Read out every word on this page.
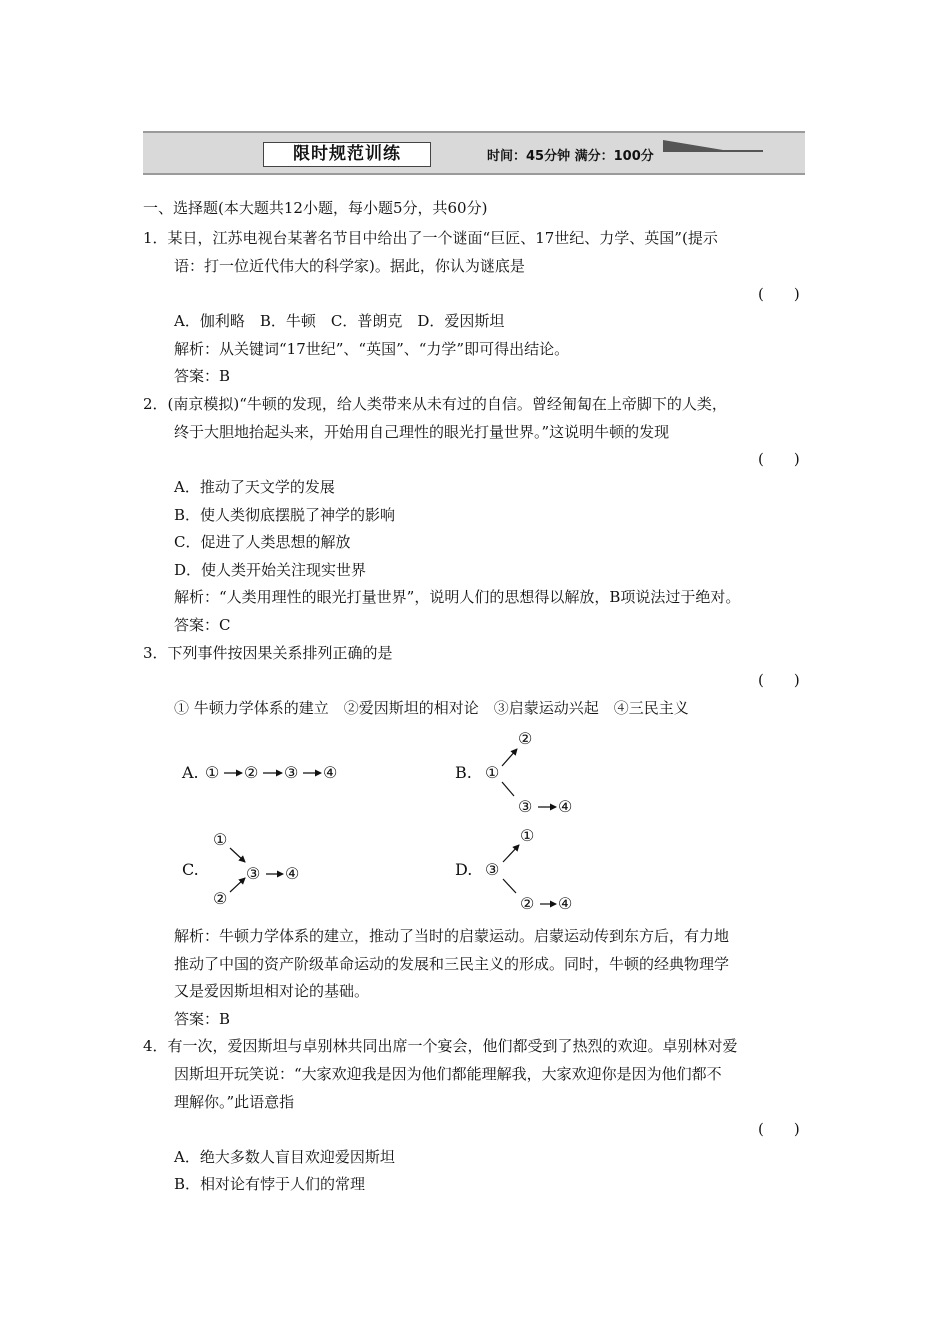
限时规范训练	时间：45分钟 满分：100分
一、选择题(本大题共12小题，每小题5分，共60分)
1．某日，江苏电视台某著名节目中给出了一个谜面“巨匠、17世纪、力学、英国”(提示
语：打一位近代伟大的科学家)。据此，你认为谜底是
(　　)
A．伽利略　B．牛顿　C．普朗克　D．爱因斯坦
解析：从关键词“17世纪”、“英国”、“力学”即可得出结论。
答案：B
2．(南京模拟)“牛顿的发现，给人类带来从未有过的自信。曾经匍匐在上帝脚下的人类，
终于大胆地抬起头来，开始用自己理性的眼光打量世界。”这说明牛顿的发现
(　　)
A．推动了天文学的发展
B．使人类彻底摆脱了神学的影响
C．促进了人类思想的解放
D．使人类开始关注现实世界
解析：“人类用理性的眼光打量世界”，说明人们的思想得以解放，B项说法过于绝对。
答案：C
3．下列事件按因果关系排列正确的是
(　　)
① 牛顿力学体系的建立　②爱因斯坦的相对论　③启蒙运动兴起　④三民主义
A. ① ② ③ ④	B. ①
②
③ ④
C.
①
②
③ ④	D. ③
①
② ④
解析：牛顿力学体系的建立，推动了当时的启蒙运动。启蒙运动传到东方后，有力地
推动了中国的资产阶级革命运动的发展和三民主义的形成。同时，牛顿的经典物理学
又是爱因斯坦相对论的基础。
答案：B
4．有一次，爱因斯坦与卓别林共同出席一个宴会，他们都受到了热烈的欢迎。卓别林对爱
因斯坦开玩笑说：“大家欢迎我是因为他们都能理解我，大家欢迎你是因为他们都不
理解你。”此语意指
(　　)
A．绝大多数人盲目欢迎爱因斯坦
B．相对论有悖于人们的常理
